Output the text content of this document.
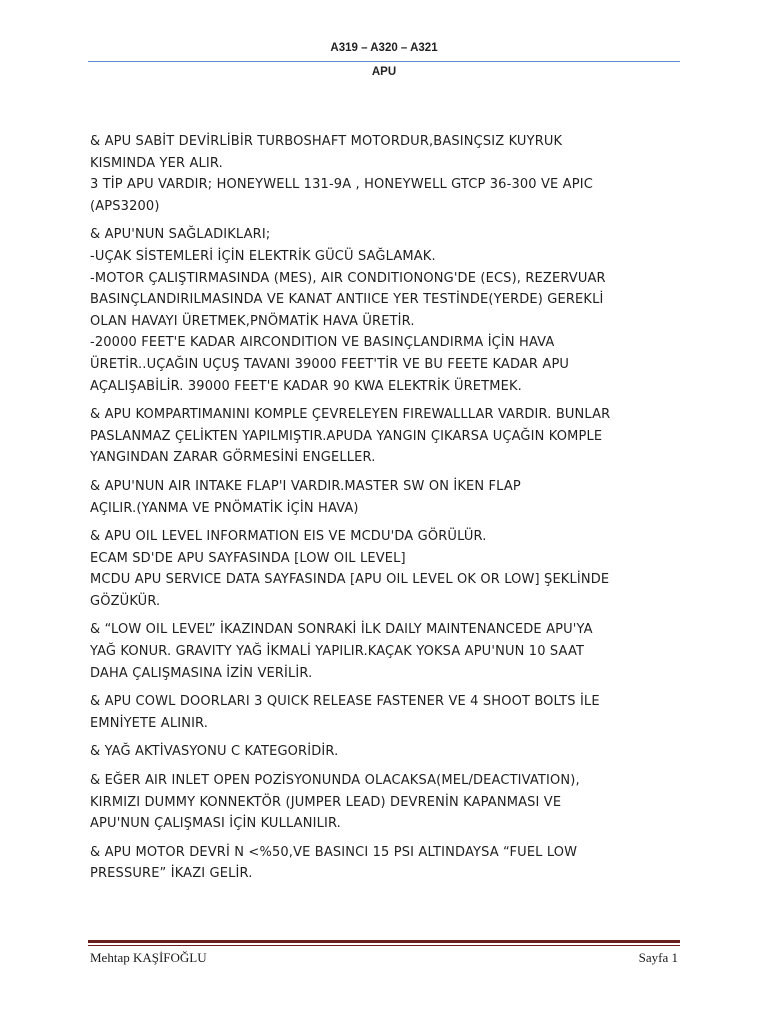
A319 – A320 – A321
APU
& APU SABİT DEVİRLİBİR TURBOSHAFT MOTORDUR,BASINÇSIZ KUYRUK
KISMINDA YER ALIR.
3 TİP APU VARDIR; HONEYWELL 131-9A , HONEYWELL GTCP 36-300 VE APIC
(APS3200)
& APU'NUN SAĞLADIKLARI;
-UÇAK SİSTEMLERİ İÇİN ELEKTRİK GÜCÜ SAĞLAMAK.
-MOTOR ÇALIŞTIRMASINDA (MES), AIR CONDITIONONG'DE (ECS), REZERVUAR
BASINÇLANDIRILMASINDA VE KANAT ANTIICE YER TESTİNDE(YERDE) GEREKLİ
OLAN HAVAYI ÜRETMEK,PNÖMATİK HAVA ÜRETİR.
-20000 FEET'E KADAR AIRCONDITION VE BASINÇLANDIRMA İÇİN HAVA
ÜRETİR..UÇAĞIN UÇUŞ TAVANI 39000 FEET'TİR VE BU FEETE KADAR APU
AÇALIŞABİLİR. 39000 FEET'E KADAR 90 KWA ELEKTRİK ÜRETMEK.
& APU KOMPARTIMANINI KOMPLE ÇEVRELEYEN FIREWALLLAR VARDIR. BUNLAR
PASLANMAZ ÇELİKTEN YAPILMIŞTIR.APUDA YANGIN ÇIKARSA UÇAĞIN KOMPLE
YANGINDAN ZARAR GÖRMESİNİ ENGELLER.
& APU'NUN AIR INTAKE FLAP'I VARDIR.MASTER SW ON İKEN FLAP
AÇILIR.(YANMA VE PNÖMATİK İÇİN HAVA)
& APU OIL LEVEL INFORMATION EIS VE MCDU'DA GÖRÜLÜR.
ECAM SD'DE APU SAYFASINDA [LOW OIL LEVEL]
MCDU APU SERVICE DATA SAYFASINDA [APU OIL LEVEL OK OR LOW] ŞEKLİNDE
GÖZÜKÜR.
& “LOW OIL LEVEL” İKAZINDAN SONRAKİ İLK DAILY MAINTENANCEDE APU'YA
YAĞ KONUR. GRAVITY YAĞ İKMALİ YAPILIR.KAÇAK YOKSA APU'NUN 10 SAAT
DAHA ÇALIŞMASINA İZİN VERİLİR.
& APU COWL DOORLARI 3 QUICK RELEASE FASTENER VE 4 SHOOT BOLTS İLE
EMNİYETE ALINIR.
& YAĞ AKTİVASYONU C KATEGORİDİR.
& EĞER AIR INLET OPEN POZİSYONUNDA OLACAKSA(MEL/DEACTIVATION),
KIRMIZI DUMMY KONNEKTÖR (JUMPER LEAD) DEVRENİN KAPANMASI VE
APU'NUN ÇALIŞMASI İÇİN KULLANILIR.
& APU MOTOR DEVRİ N <%50,VE BASINCI 15 PSI ALTINDAYSA “FUEL LOW
PRESSURE” İKAZI GELİR.
Mehtap KAŞİFOĞLU	Sayfa 1
